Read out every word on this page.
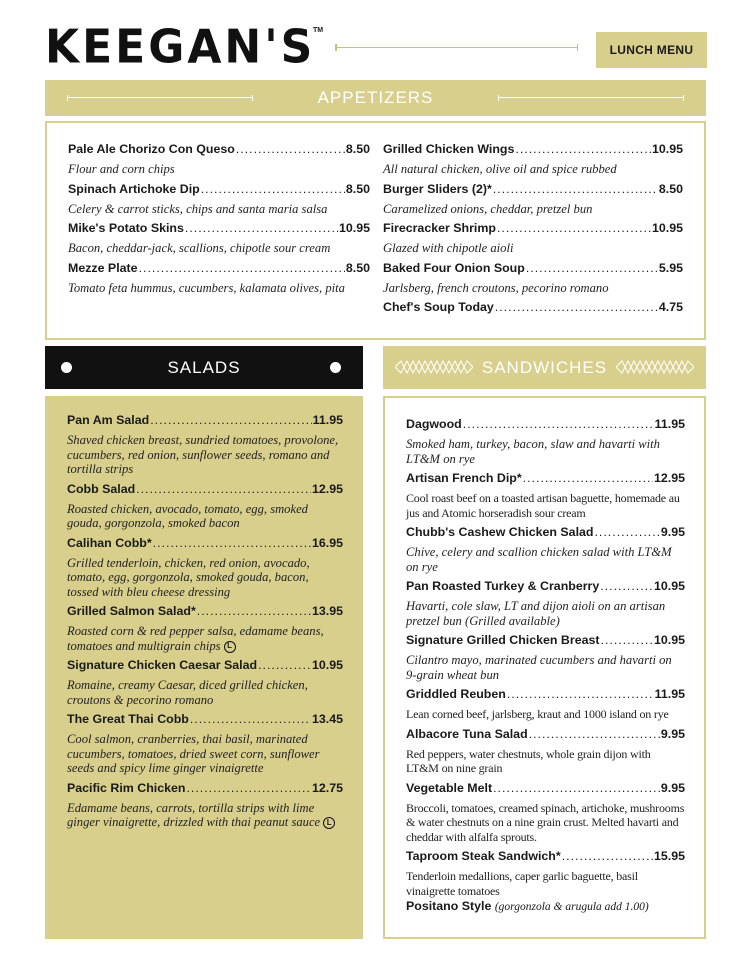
KEEGAN'S
TM
LUNCH MENU
APPETIZERS
Pale Ale Chorizo Con Queso .....	8.50
Flour and corn chips
Spinach Artichoke Dip .....	8.50
Celery & carrot sticks, chips and santa maria salsa
Mike's Potato Skins .....	10.95
Bacon, cheddar-jack, scallions, chipotle sour cream
Mezze Plate .....	8.50
Tomato feta hummus, cucumbers, kalamata olives, pita
Grilled Chicken Wings .....	10.95
All natural chicken, olive oil and spice rubbed
Burger Sliders (2)* .....	8.50
Caramelized onions, cheddar, pretzel bun
Firecracker Shrimp .....	10.95
Glazed with chipotle aioli
Baked Four Onion Soup .....	5.95
Jarlsberg, french croutons, pecorino romano
Chef's Soup Today .....	4.75
SALADS
Pan Am Salad .....	11.95
Shaved chicken breast, sundried tomatoes, provolone, cucumbers, red onion, sunflower seeds, romano and tortilla strips
Cobb Salad .....	12.95
Roasted chicken, avocado, tomato, egg, smoked gouda, gorgonzola, smoked bacon
Calihan Cobb* .....	16.95
Grilled tenderloin, chicken, red onion, avocado, tomato, egg, gorgonzola, smoked gouda, bacon, tossed with bleu cheese dressing
Grilled Salmon Salad* .....	13.95
Roasted corn & red pepper salsa, edamame beans, tomatoes and multigrain chips L
Signature Chicken Caesar Salad .....	10.95
Romaine, creamy Caesar, diced grilled chicken, croutons & pecorino romano
The Great Thai Cobb .....	13.45
Cool salmon, cranberries, thai basil, marinated cucumbers, tomatoes, dried sweet corn, sunflower seeds and spicy lime ginger vinaigrette
Pacific Rim Chicken .....	12.75
Edamame beans, carrots, tortilla strips with lime ginger vinaigrette, drizzled with thai peanut sauce L
SANDWICHES
Dagwood .....	11.95
Smoked ham, turkey, bacon, slaw and havarti with LT&M on rye
Artisan French Dip* .....	12.95
Cool roast beef on a toasted artisan baguette, homemade au jus and Atomic horseradish sour cream
Chubb's Cashew Chicken Salad .....	9.95
Chive, celery and scallion chicken salad with LT&M on rye
Pan Roasted Turkey & Cranberry .....	10.95
Havarti, cole slaw, LT and dijon aioli on an artisan pretzel bun (Grilled available)
Signature Grilled Chicken Breast .....	10.95
Cilantro mayo, marinated cucumbers and havarti on 9-grain wheat bun
Griddled Reuben .....	11.95
Lean corned beef, jarlsberg, kraut and 1000 island on rye
Albacore Tuna Salad .....	9.95
Red peppers, water chestnuts, whole grain dijon with LT&M on nine grain
Vegetable Melt .....	9.95
Broccoli, tomatoes, creamed spinach, artichoke, mushrooms & water chestnuts on a nine grain crust. Melted havarti and cheddar with alfalfa sprouts.
Taproom Steak Sandwich* .....	15.95
Tenderloin medallions, caper garlic baguette, basil vinaigrette tomatoes
Positano Style
(gorgonzola & arugula add 1.00)
